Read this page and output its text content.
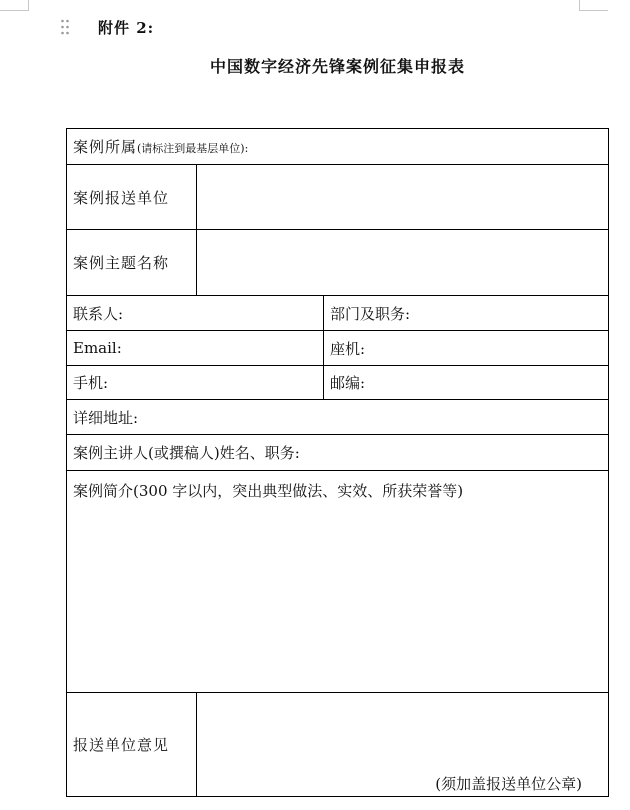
附件 2:
中国数字经济先锋案例征集申报表
案例所属(请标注到最基层单位):		
案例报送单位		

案例主题名称		

联系人:		部门及职务:
Email:		座机:
手机:		邮编:
详细地址:		
案例主讲人(或撰稿人)姓名、职务:		
案例简介(300 字以内，突出典型做法、实效、所获荣誉等)		
报送单位意见	(须加盖报送单位公章)	
